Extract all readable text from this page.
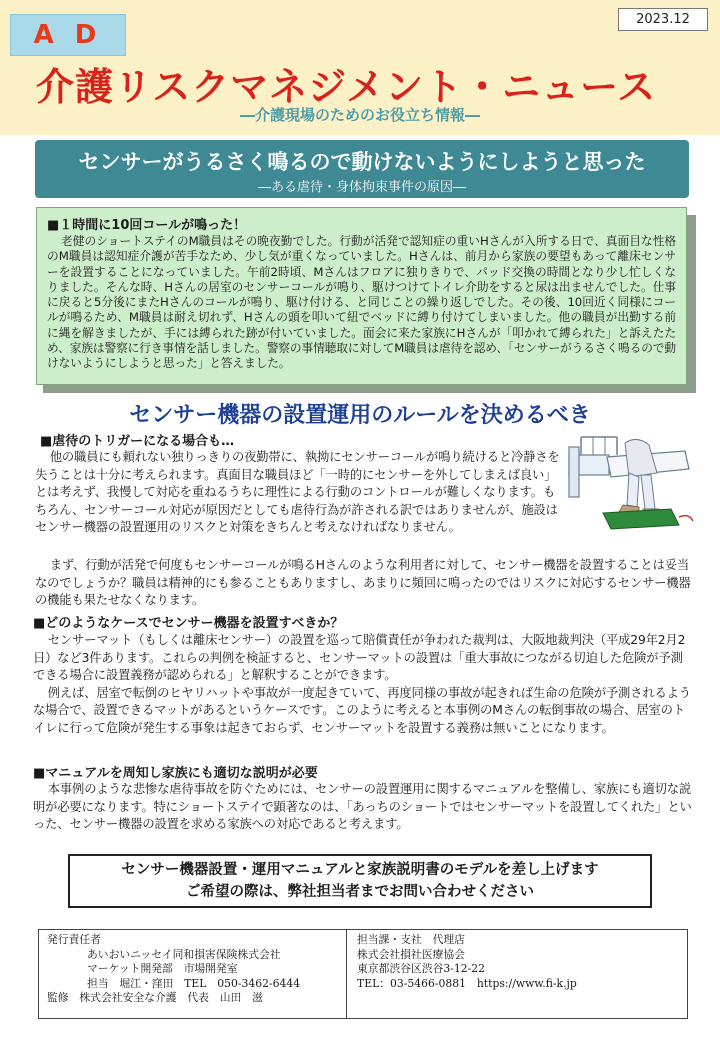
A D
2023.12
介護リスクマネジメント・ニュース
―介護現場のためのお役立ち情報―
センサーがうるさく鳴るので動けないようにしようと思った
―ある虐待・身体拘束事件の原因―
■１時間に10回コールが鳴った！
老健のショートステイのM職員はその晩夜勤でした。行動が活発で認知症の重いHさんが入所する日で、真面目な性格のM職員は認知症介護が苦手なため、少し気が重くなっていました。Hさんは、前月から家族の要望もあって離床センサーを設置することになっていました。午前2時頃、Mさんはフロアに独りきりで、パッド交換の時間となり少し忙しくなりました。そんな時、Hさんの居室のセンサーコールが鳴り、駆けつけてトイレ介助をすると尿は出ませんでした。仕事に戻ると5分後にまたHさんのコールが鳴り、駆け付ける、と同じことの繰り返しでした。その後、10回近く同様にコールが鳴るため、M職員は耐え切れず、Hさんの頭を叩いて紐でベッドに縛り付けてしまいました。他の職員が出勤する前に縄を解きましたが、手には縛られた跡が付いていました。面会に来た家族にHさんが「叩かれて縛られた」と訴えたため、家族は警察に行き事情を話しました。警察の事情聴取に対してM職員は虐待を認め、「センサーがうるさく鳴るので動けないようにしようと思った」と答えました。
センサー機器の設置運用のルールを決めるべき
■虐待のトリガーになる場合も…
他の職員にも頼れない独りっきりの夜勤帯に、執拗にセンサーコールが鳴り続けると冷静さを失うことは十分に考えられます。真面目な職員ほど「一時的にセンサーを外してしまえば良い」とは考えず、我慢して対応を重ねるうちに理性による行動のコントロールが難しくなります。もちろん、センサーコール対応が原因だとしても虐待行為が許される訳ではありませんが、施設はセンサー機器の設置運用のリスクと対策をきちんと考えなければなりません。
まず、行動が活発で何度もセンサーコールが鳴るHさんのような利用者に対して、センサー機器を設置することは妥当なのでしょうか？職員は精神的にも参ることもありますし、あまりに頻回に鳴ったのではリスクに対応するセンサー機器の機能も果たせなくなります。
■どのようなケースでセンサー機器を設置すべきか？
センサーマット（もしくは離床センサー）の設置を巡って賠償責任が争われた裁判は、大阪地裁判決（平成29年2月2日）など3件あります。これらの判例を検証すると、センサーマットの設置は「重大事故につながる切迫した危険が予測できる場合に設置義務が認められる」と解釈することができます。
例えば、居室で転倒のヒヤリハットや事故が一度起きていて、再度同様の事故が起きれば生命の危険が予測されるような場合で、設置できるマットがあるというケースです。このように考えると本事例のMさんの転倒事故の場合、居室のトイレに行って危険が発生する事象は起きておらず、センサーマットを設置する義務は無いことになります。
■マニュアルを周知し家族にも適切な説明が必要
本事例のような悲惨な虐待事故を防ぐためには、センサーの設置運用に関するマニュアルを整備し、家族にも適切な説明が必要になります。特にショートステイで顕著なのは、「あっちのショートではセンサーマットを設置してくれた」といった、センサー機器の設置を求める家族への対応であると考えます。
センサー機器設置・運用マニュアルと家族説明書のモデルを差し上げます
ご希望の際は、弊社担当者までお問い合わせください
発行責任者
あいおいニッセイ同和損害保険株式会社
マーケット開発部　市場開発室
担当　堀江・窪田　TEL　050-3462-6444
監修　株式会社安全な介護　代表　山田　滋
担当課・支社　代理店
株式会社損社医療協会
東京都渋谷区渋谷3-12-22
TEL：03-5466-0881　https://www.fi-k.jp
